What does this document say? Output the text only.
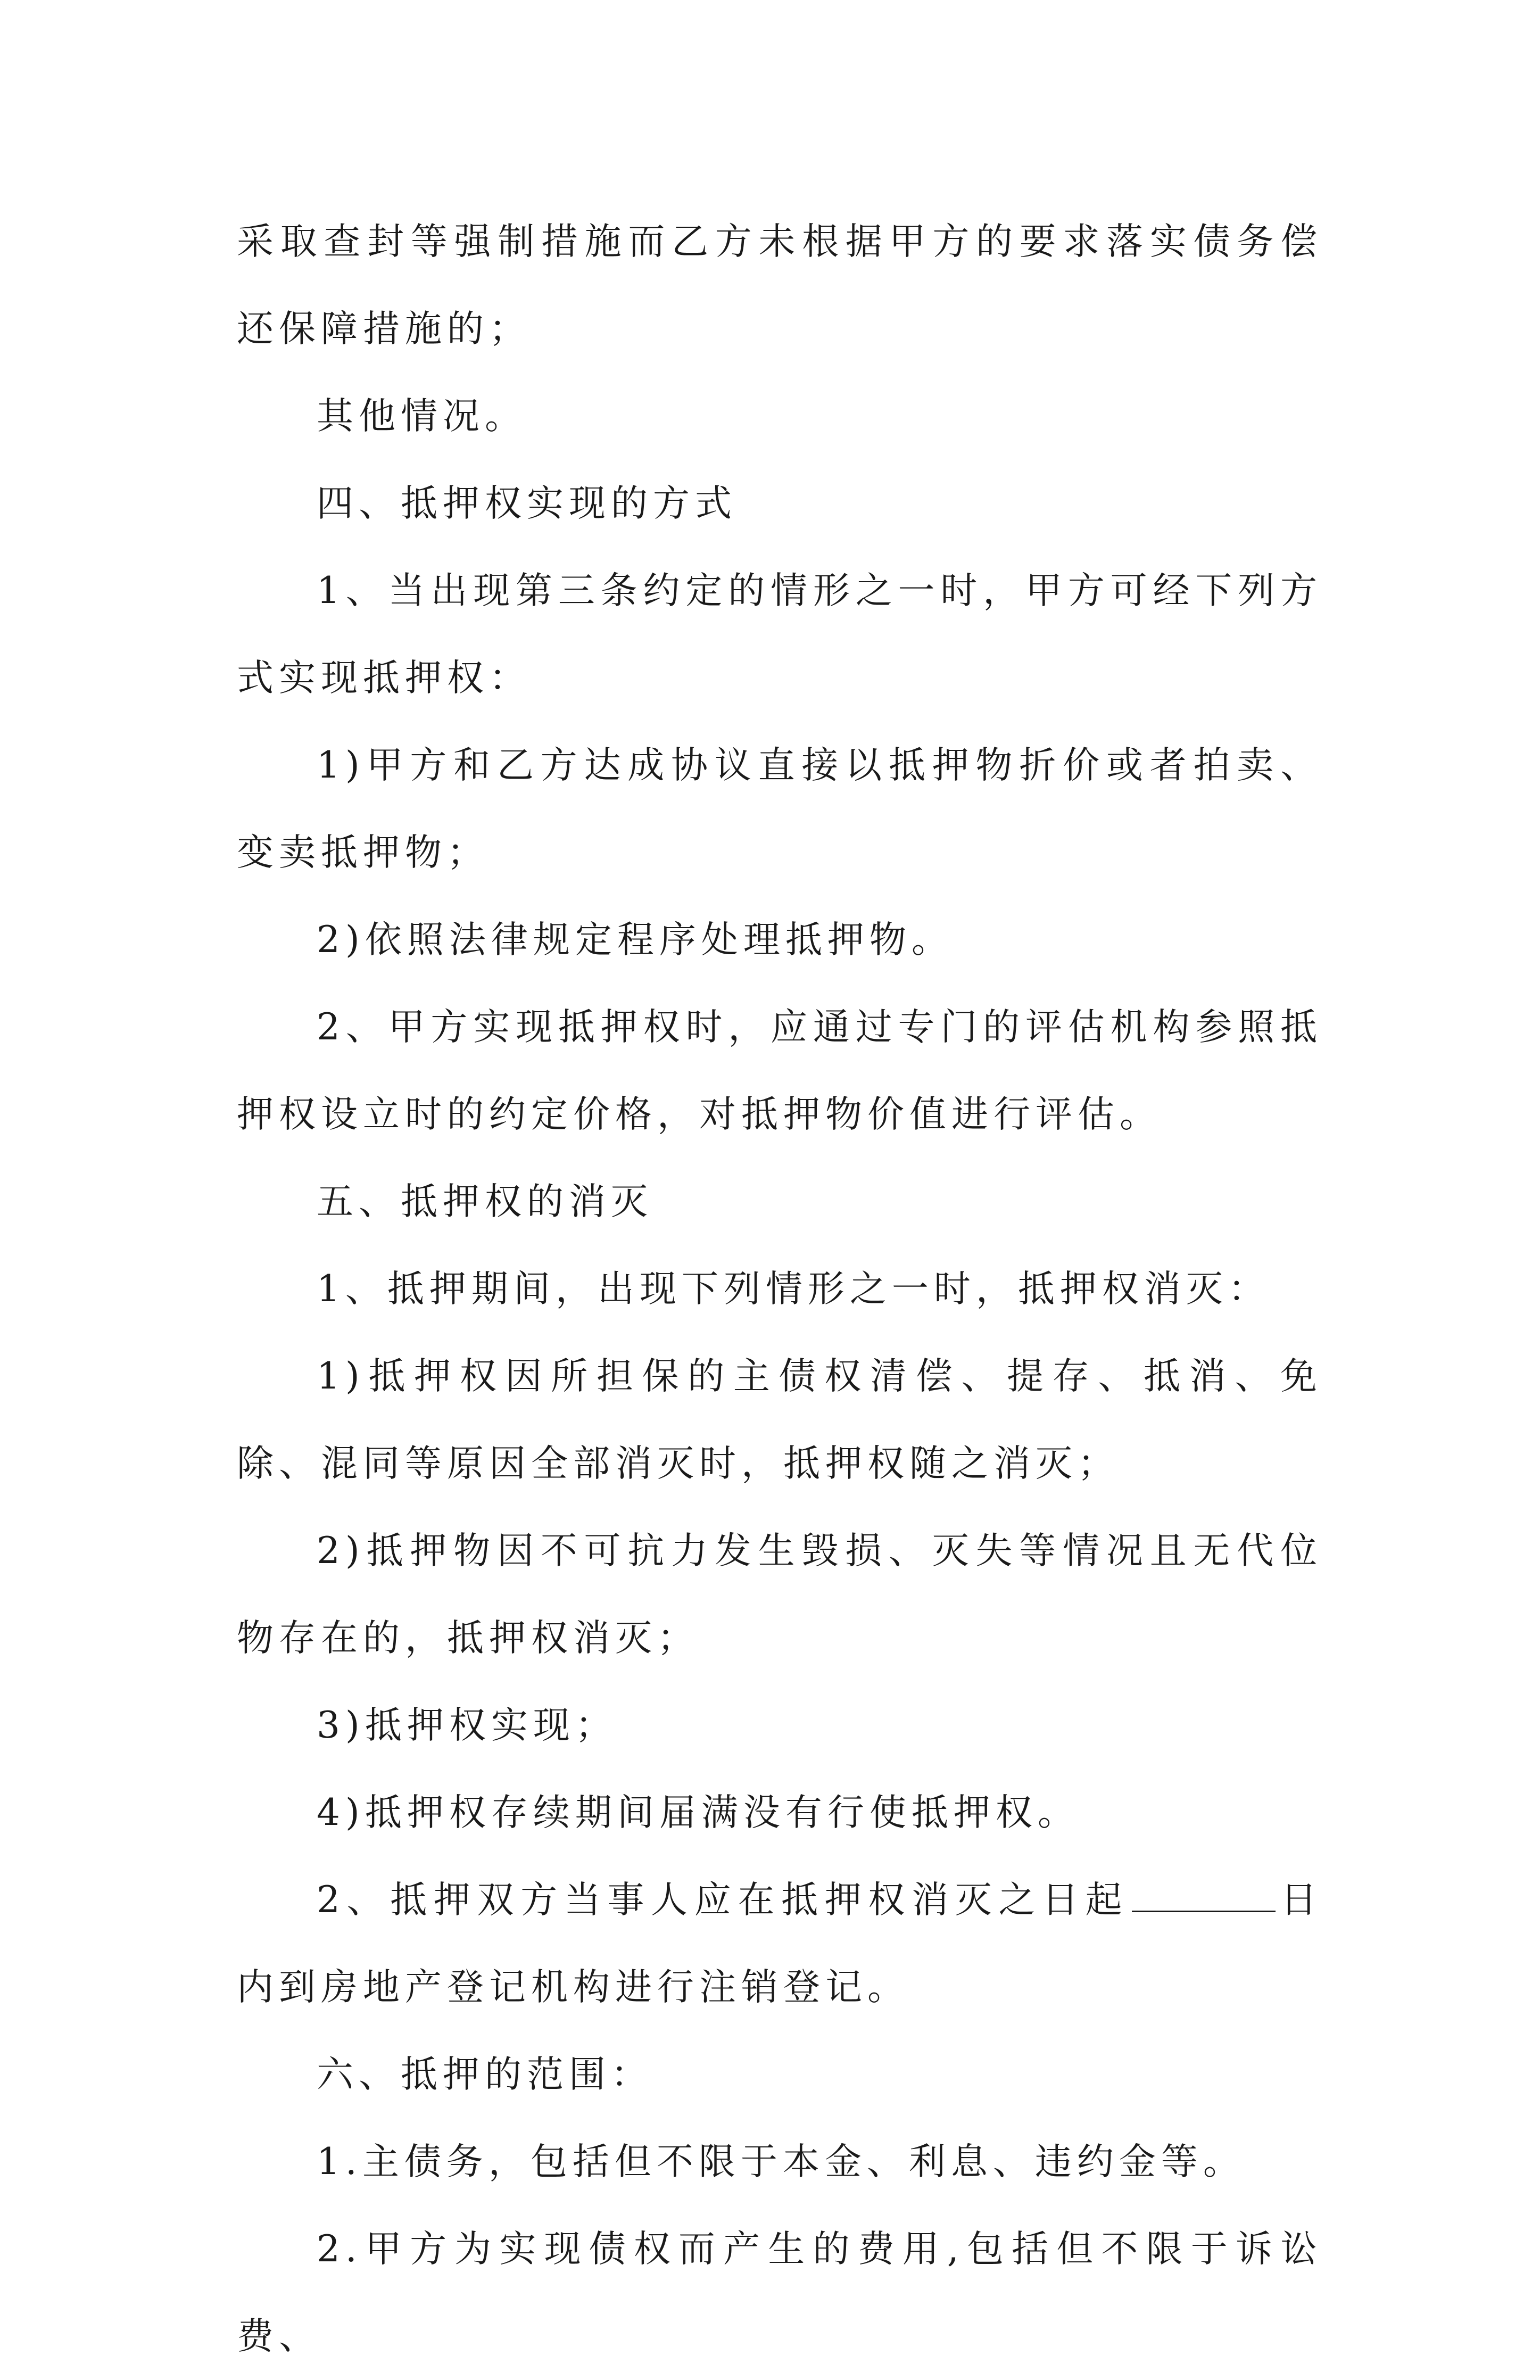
采取查封等强制措施而乙方未根据甲方的要求落实债务偿还保障措施的；

其他情况。

四、抵押权实现的方式

1、当出现第三条约定的情形之一时，甲方可经下列方式实现抵押权：

1)甲方和乙方达成协议直接以抵押物折价或者拍卖、变卖抵押物；

2)依照法律规定程序处理抵押物。

2、甲方实现抵押权时，应通过专门的评估机构参照抵押权设立时的约定价格，对抵押物价值进行评估。

五、抵押权的消灭

1、抵押期间，出现下列情形之一时，抵押权消灭：

1)抵押权因所担保的主债权清偿、提存、抵消、免除、混同等原因全部消灭时，抵押权随之消灭；

2)抵押物因不可抗力发生毁损、灭失等情况且无代位物存在的，抵押权消灭；

3)抵押权实现；

4)抵押权存续期间届满没有行使抵押权。

2、抵押双方当事人应在抵押权消灭之日起	日内到房地产登记机构进行注销登记。

六、抵押的范围：

1.主债务，包括但不限于本金、利息、违约金等。

2.甲方为实现债权而产生的费用,包括但不限于诉讼费、
